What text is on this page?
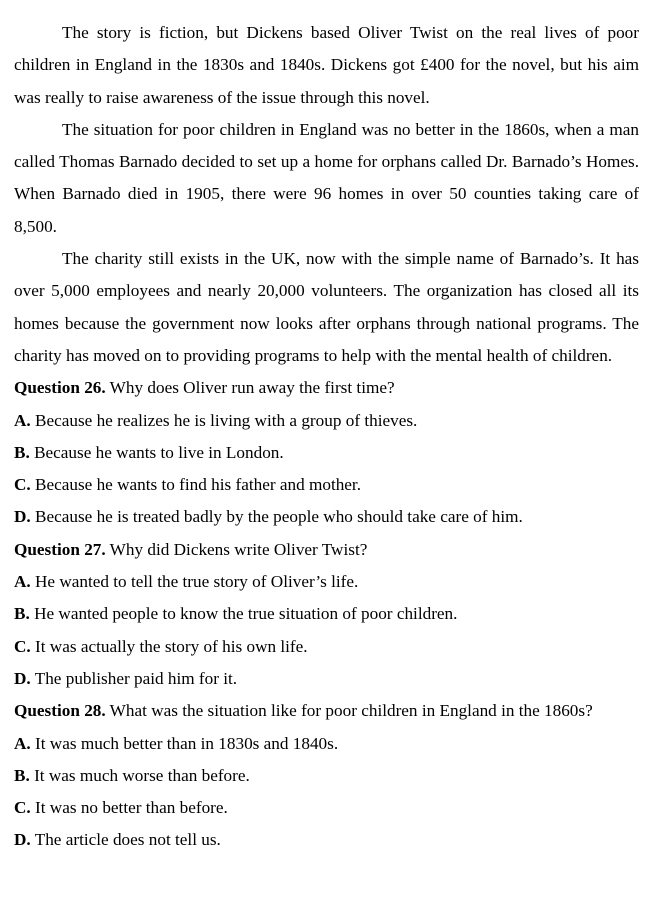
The story is fiction, but Dickens based Oliver Twist on the real lives of poor children in England in the 1830s and 1840s. Dickens got £400 for the novel, but his aim was really to raise awareness of the issue through this novel.

The situation for poor children in England was no better in the 1860s, when a man called Thomas Barnado decided to set up a home for orphans called Dr. Barnado’s Homes. When Barnado died in 1905, there were 96 homes in over 50 counties taking care of 8,500.

The charity still exists in the UK, now with the simple name of Barnado’s. It has over 5,000 employees and nearly 20,000 volunteers. The organization has closed all its homes because the government now looks after orphans through national programs. The charity has moved on to providing programs to help with the mental health of children.

Question 26. Why does Oliver run away the first time?

A. Because he realizes he is living with a group of thieves.

B. Because he wants to live in London.

C. Because he wants to find his father and mother.

D. Because he is treated badly by the people who should take care of him.

Question 27. Why did Dickens write Oliver Twist?

A. He wanted to tell the true story of Oliver’s life.

B. He wanted people to know the true situation of poor children.

C. It was actually the story of his own life.

D. The publisher paid him for it.

Question 28. What was the situation like for poor children in England in the 1860s?

A. It was much better than in 1830s and 1840s.

B. It was much worse than before.

C. It was no better than before.

D. The article does not tell us.
